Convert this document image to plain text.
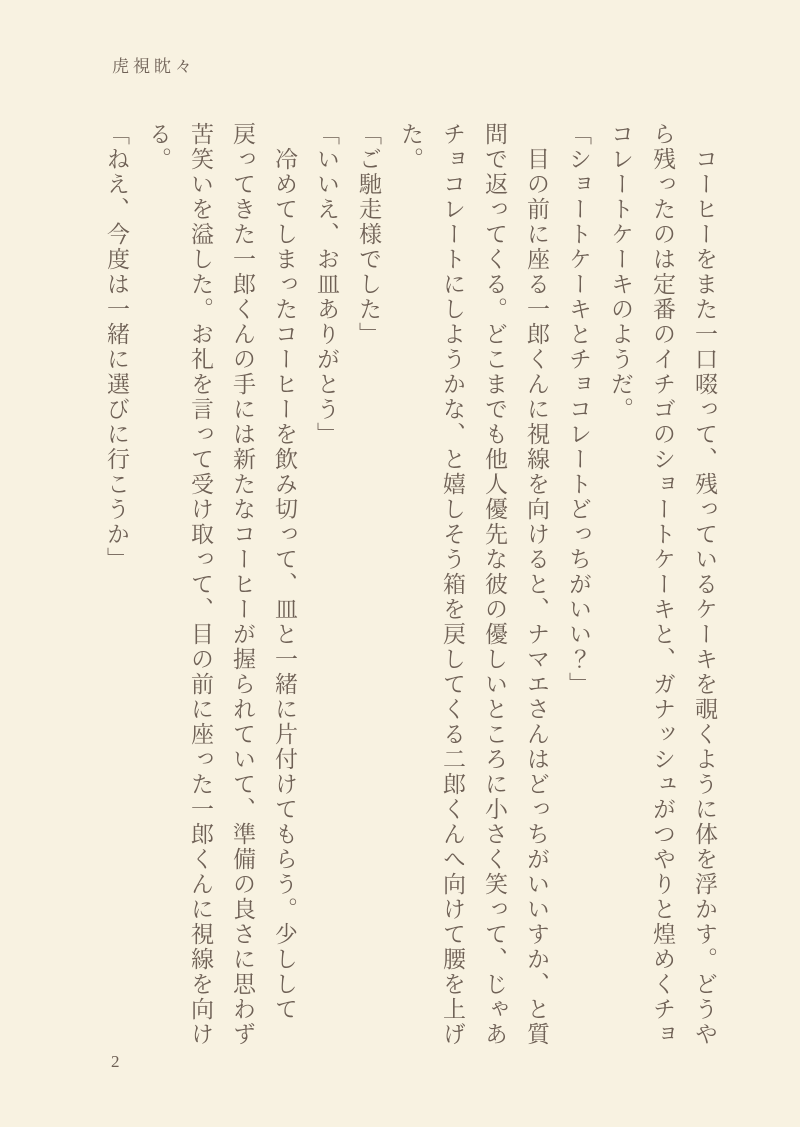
虎視眈々
　コーヒーをまた一口啜って、残っているケーキを覗くように体を浮かす。どうや
ら残ったのは定番のイチゴのショートケーキと、ガナッシュがつやりと煌めくチョ
コレートケーキのようだ。
「ショートケーキとチョコレートどっちがいい？」
　目の前に座る一郎くんに視線を向けると、ナマエさんはどっちがいいすか、と質
問で返ってくる。どこまでも他人優先な彼の優しいところに小さく笑って、じゃあ
チョコレートにしようかな、と嬉しそう箱を戻してくる二郎くんへ向けて腰を上げ
た。
「ご馳走様でした」
「いいえ、お皿ありがとう」
　冷めてしまったコーヒーを飲み切って、皿と一緒に片付けてもらう。少しして
戻ってきた一郎くんの手には新たなコーヒーが握られていて、準備の良さに思わず
苦笑いを溢した。お礼を言って受け取って、目の前に座った一郎くんに視線を向け
る。
「ねえ、今度は一緒に選びに行こうか」
2
